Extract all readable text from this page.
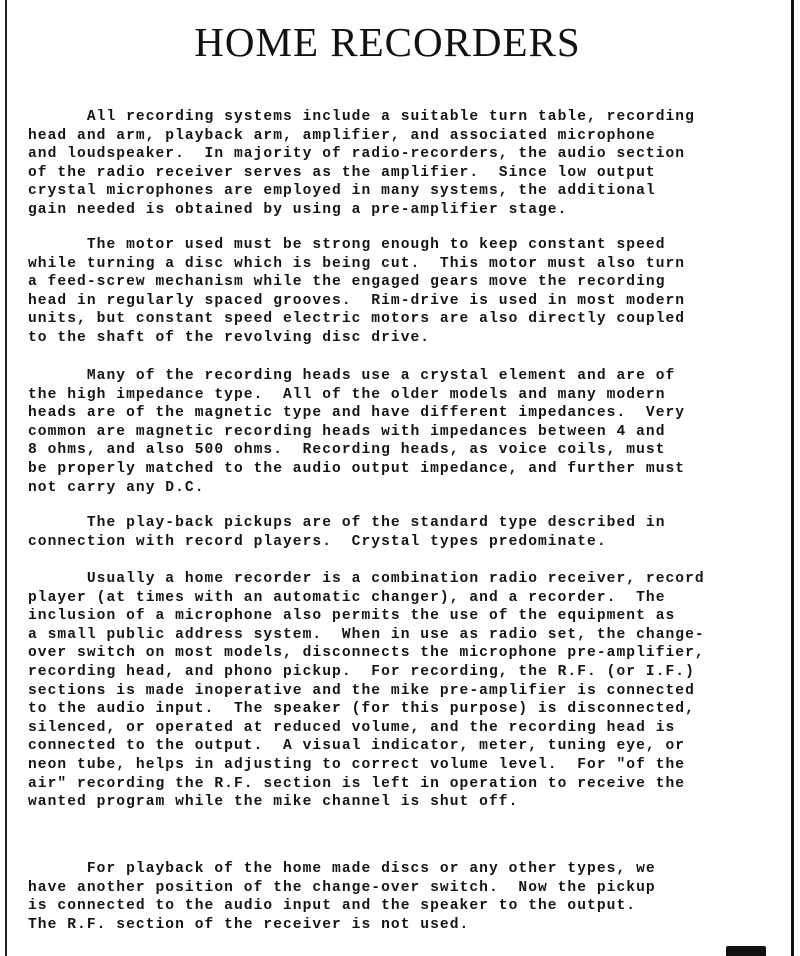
HOME RECORDERS

All recording systems include a suitable turn table, recording
head and arm, playback arm, amplifier, and associated microphone
and loudspeaker.  In majority of radio-recorders, the audio section
of the radio receiver serves as the amplifier.  Since low output
crystal microphones are employed in many systems, the additional
gain needed is obtained by using a pre-amplifier stage.

The motor used must be strong enough to keep constant speed
while turning a disc which is being cut.  This motor must also turn
a feed-screw mechanism while the engaged gears move the recording
head in regularly spaced grooves.  Rim-drive is used in most modern
units, but constant speed electric motors are also directly coupled
to the shaft of the revolving disc drive.

Many of the recording heads use a crystal element and are of
the high impedance type.  All of the older models and many modern
heads are of the magnetic type and have different impedances.  Very
common are magnetic recording heads with impedances between 4 and
8 ohms, and also 500 ohms.  Recording heads, as voice coils, must
be properly matched to the audio output impedance, and further must
not carry any D.C.

The play-back pickups are of the standard type described in
connection with record players.  Crystal types predominate.

Usually a home recorder is a combination radio receiver, record
player (at times with an automatic changer), and a recorder.  The
inclusion of a microphone also permits the use of the equipment as
a small public address system.  When in use as radio set, the change-
over switch on most models, disconnects the microphone pre-amplifier,
recording head, and phono pickup.  For recording, the R.F. (or I.F.)
sections is made inoperative and the mike pre-amplifier is connected
to the audio input.  The speaker (for this purpose) is disconnected,
silenced, or operated at reduced volume, and the recording head is
connected to the output.  A visual indicator, meter, tuning eye, or
neon tube, helps in adjusting to correct volume level.  For "of the
air" recording the R.F. section is left in operation to receive the
wanted program while the mike channel is shut off.

For playback of the home made discs or any other types, we
have another position of the change-over switch.  Now the pickup
is connected to the audio input and the speaker to the output.
The R.F. section of the receiver is not used.
